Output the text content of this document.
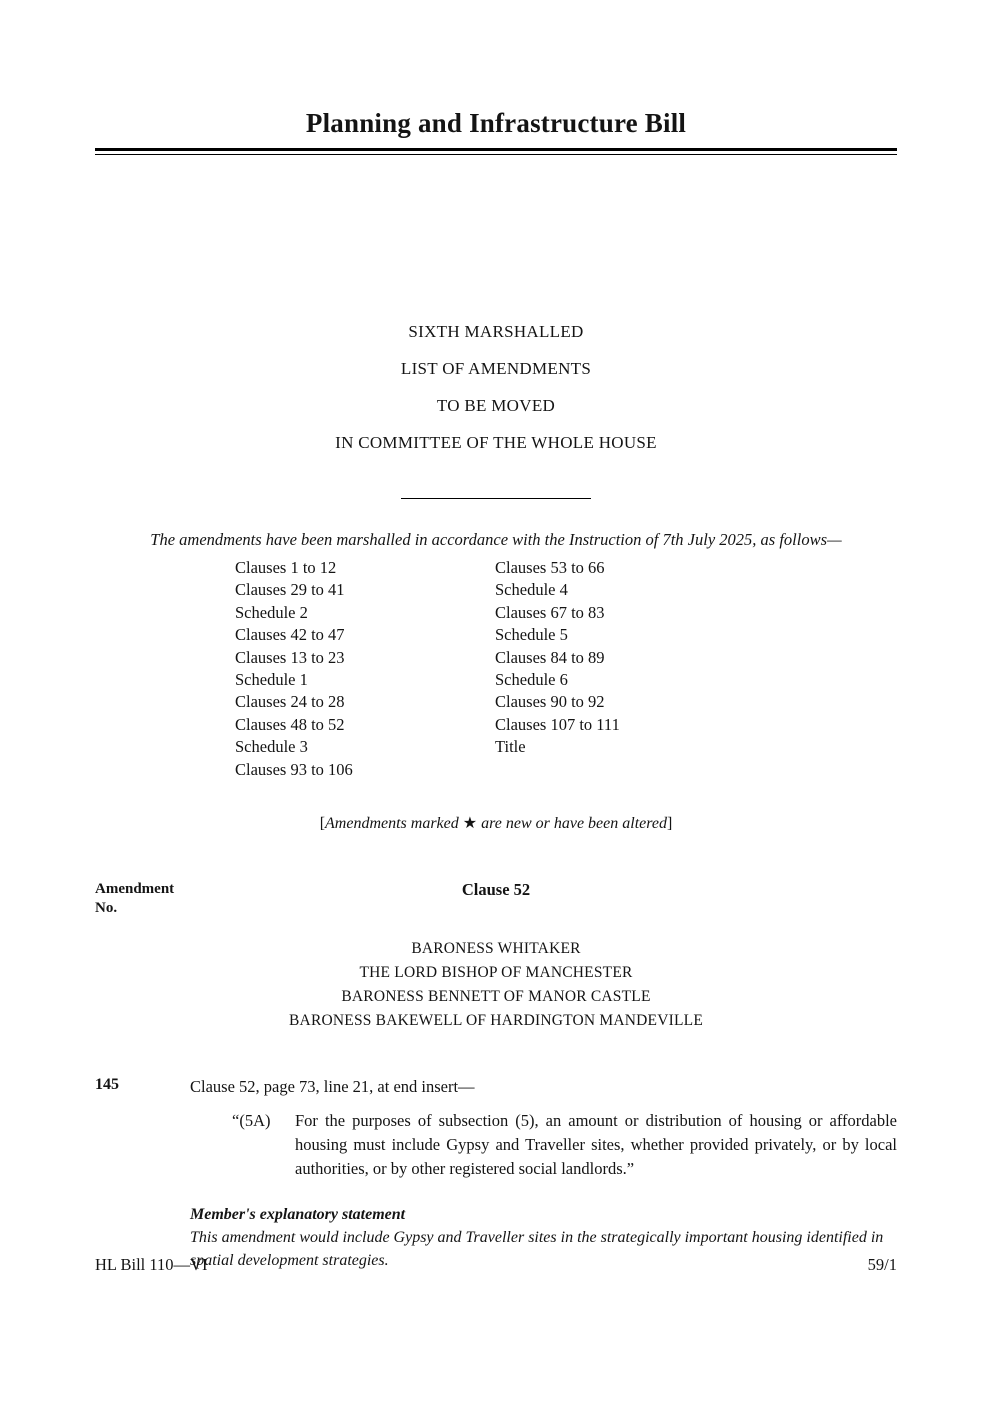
Planning and Infrastructure Bill
SIXTH MARSHALLED
LIST OF AMENDMENTS
TO BE MOVED
IN COMMITTEE OF THE WHOLE HOUSE

The amendments have been marshalled in accordance with the Instruction of 7th July 2025, as follows—

Clauses 1 to 12
Clauses 29 to 41
Schedule 2
Clauses 42 to 47
Clauses 13 to 23
Schedule 1
Clauses 24 to 28
Clauses 48 to 52
Schedule 3
Clauses 93 to 106
Clauses 53 to 66
Schedule 4
Clauses 67 to 83
Schedule 5
Clauses 84 to 89
Schedule 6
Clauses 90 to 92
Clauses 107 to 111
Title

[Amendments marked ★ are new or have been altered]

Amendment
No.
Clause 52
BARONESS WHITAKER
THE LORD BISHOP OF MANCHESTER
BARONESS BENNETT OF MANOR CASTLE
BARONESS BAKEWELL OF HARDINGTON MANDEVILLE
145	Clause 52, page 73, line 21, at end insert—

“(5A)	For the purposes of subsection (5), an amount or distribution of housing or affordable housing must include Gypsy and Traveller sites, whether provided privately, or by local authorities, or by other registered social landlords.”

Member's explanatory statement

This amendment would include Gypsy and Traveller sites in the strategically important housing identified in spatial development strategies.

HL Bill 110—VI	59/1
